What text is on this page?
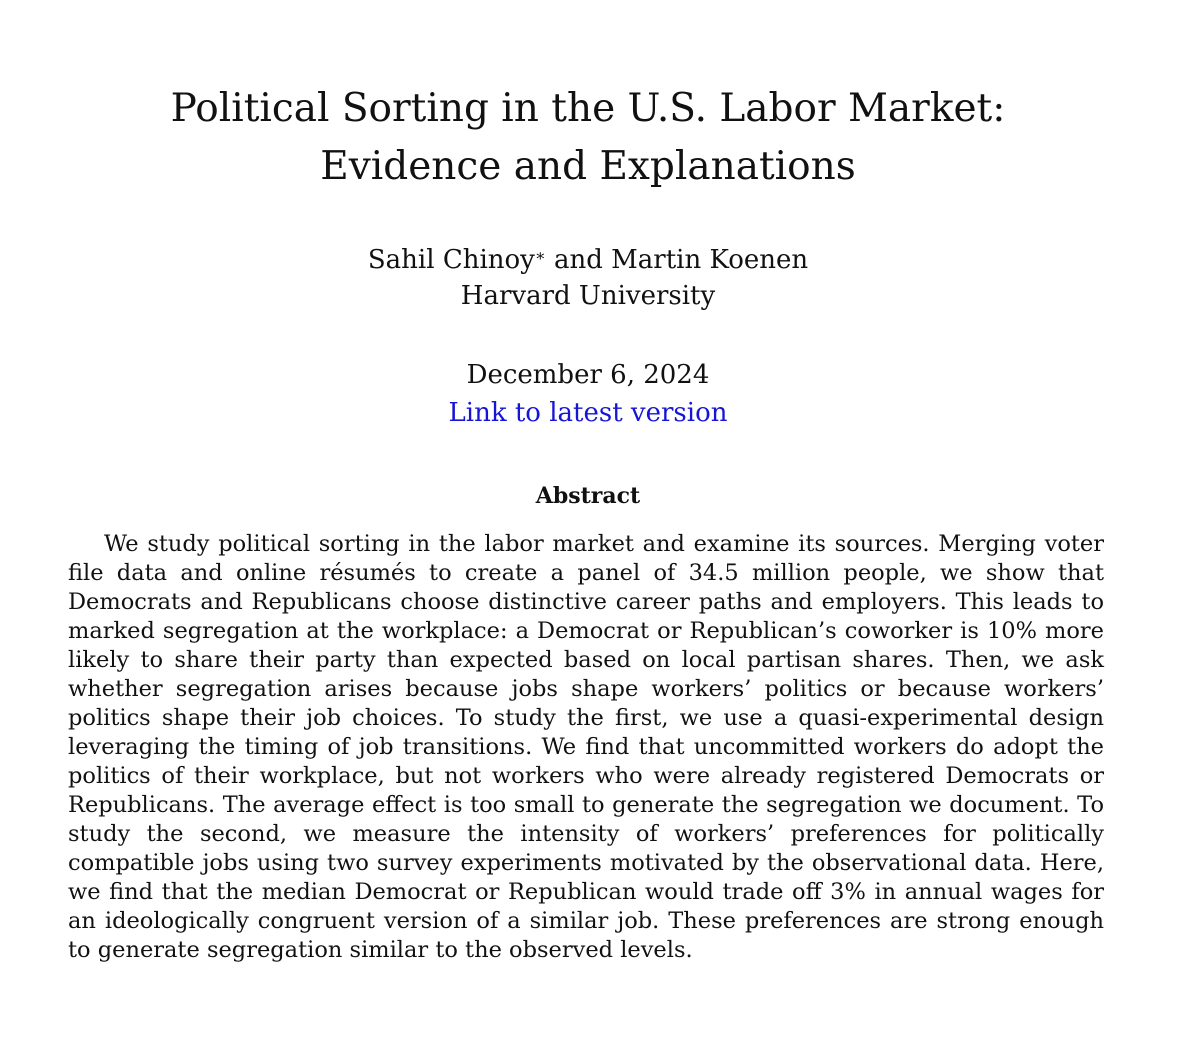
Political Sorting in the U.S. Labor Market:
Evidence and Explanations
Sahil Chinoy∗ and Martin Koenen
Harvard University
December 6, 2024
Link to latest version
Abstract

We study political sorting in the labor market and examine its sources. Merging voter file data and online résumés to create a panel of 34.5 million people, we show that Democrats and Republicans choose distinctive career paths and employers. This leads to marked segregation at the workplace: a Democrat or Republican’s coworker is 10% more likely to share their party than expected based on local partisan shares. Then, we ask whether segregation arises because jobs shape workers’ politics or because workers’ politics shape their job choices. To study the first, we use a quasi-experimental design leveraging the timing of job transitions. We find that uncommitted workers do adopt the politics of their workplace, but not workers who were already registered Democrats or Republicans. The average effect is too small to generate the segregation we document. To study the second, we measure the intensity of workers’ preferences for politically compatible jobs using two survey experiments motivated by the observational data. Here, we find that the median Democrat or Republican would trade off 3% in annual wages for an ideologically congruent version of a similar job. These preferences are strong enough to generate segregation similar to the observed levels.
